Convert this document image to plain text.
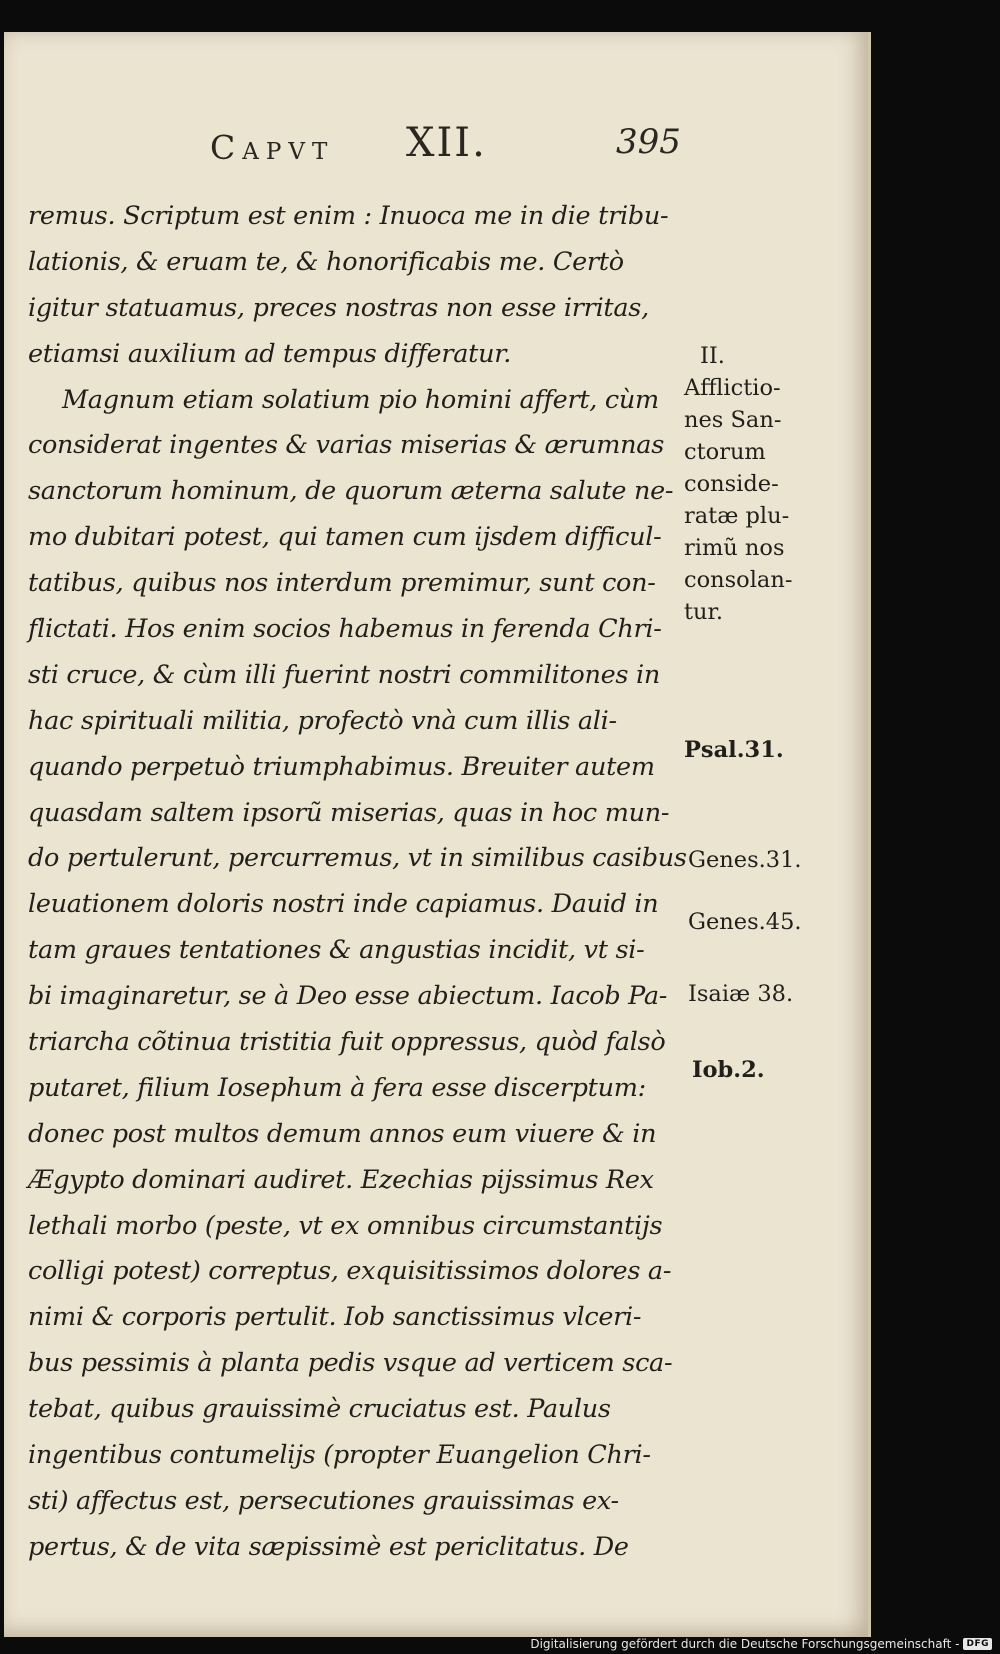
Capvt XII.	395
remus. Scriptum est enim : Inuoca me in die tribu-
lationis, & eruam te, & honorificabis me. Certò
igitur statuamus, preces nostras non esse irritas,
etiamsi auxilium ad tempus differatur.
Magnum etiam solatium pio homini affert, cùm
considerat ingentes & varias miserias & ærumnas
sanctorum hominum, de quorum æterna salute ne-
mo dubitari potest, qui tamen cum ijsdem difficul-
tatibus, quibus nos interdum premimur, sunt con-
flictati. Hos enim socios habemus in ferenda Chri-
sti cruce, & cùm illi fuerint nostri commilitones in
hac spirituali militia, profectò vnà cum illis ali-
quando perpetuò triumphabimus. Breuiter autem
quasdam saltem ipsorũ miserias, quas in hoc mun-
do pertulerunt, percurremus, vt in similibus casibus
leuationem doloris nostri inde capiamus. Dauid in
tam graues tentationes & angustias incidit, vt si-
bi imaginaretur, se à Deo esse abiectum. Iacob Pa-
triarcha cõtinua tristitia fuit oppressus, quòd falsò
putaret, filium Iosephum à fera esse discerptum:
donec post multos demum annos eum viuere & in
Ægypto dominari audiret. Ezechias pijssimus Rex
lethali morbo (peste, vt ex omnibus circumstantijs
colligi potest) correptus, exquisitissimos dolores a-
nimi & corporis pertulit. Iob sanctissimus vlceri-
bus pessimis à planta pedis vsque ad verticem sca-
tebat, quibus grauissimè cruciatus est. Paulus
ingentibus contumelijs (propter Euangelion Chri-
sti) affectus est, persecutiones grauissimas ex-
pertus, & de vita sæpissimè est periclitatus. De
II.
Afflictio-
nes San-
ctorum
conside-
ratæ plu-
rimũ nos
consolan-
tur.
Psal.31.
Genes.31.
Genes.45.
Isaiæ 38.
Iob.2.
Digitalisierung gefördert durch die Deutsche Forschungsgemeinschaft - DFG
